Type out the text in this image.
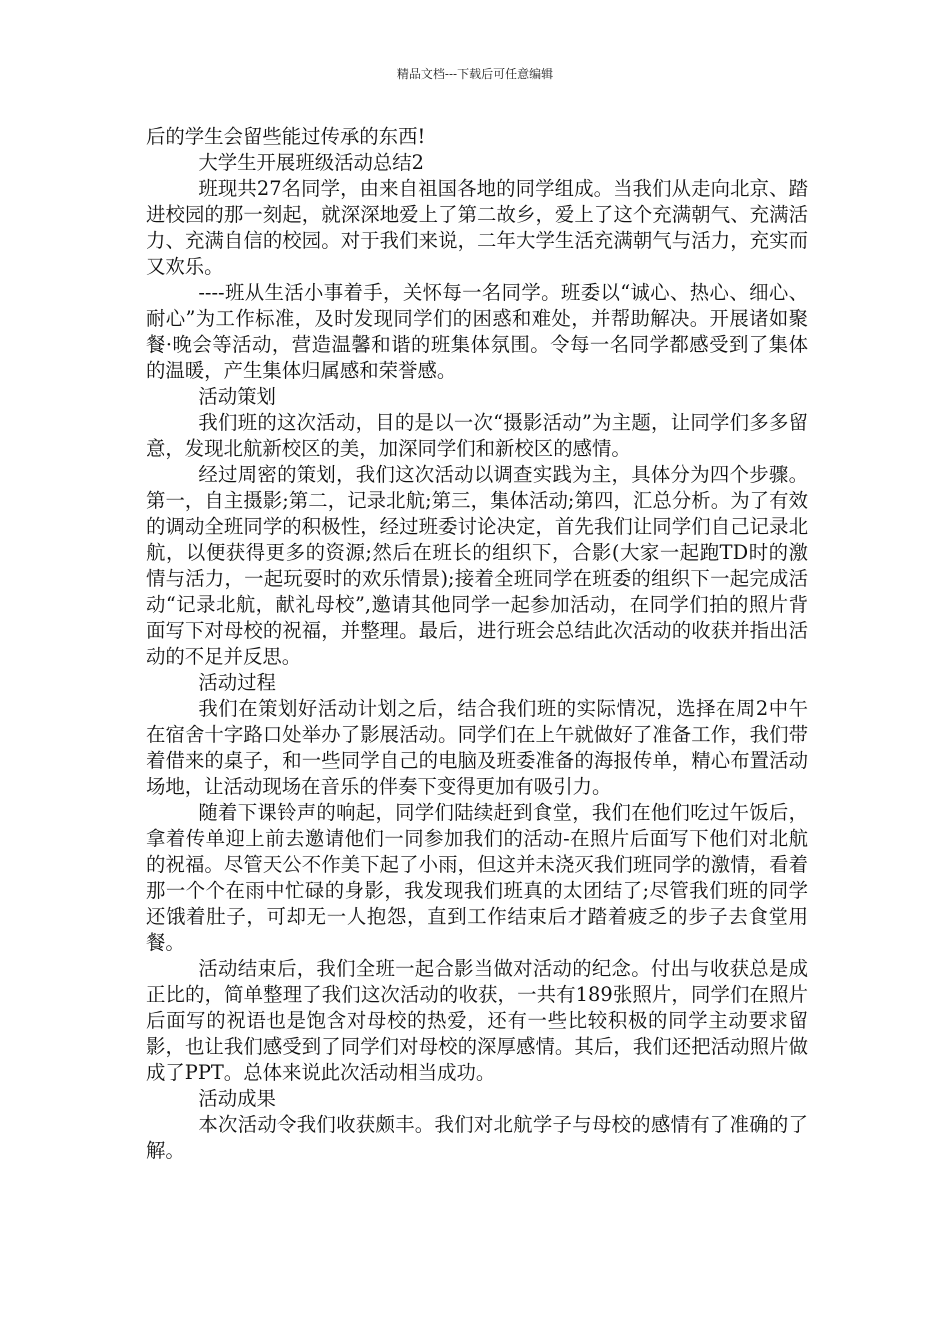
精品文档---下载后可任意编辑

后的学生会留些能过传承的东西!

大学生开展班级活动总结2

班现共27名同学，由来自祖国各地的同学组成。当我们从走向北京、踏进校园的那一刻起，就深深地爱上了第二故乡，爱上了这个充满朝气、充满活力、充满自信的校园。对于我们来说，二年大学生活充满朝气与活力，充实而又欢乐。

----班从生活小事着手，关怀每一名同学。班委以“诚心、热心、细心、耐心”为工作标准，及时发现同学们的困惑和难处，并帮助解决。开展诸如聚餐·晚会等活动，营造温馨和谐的班集体氛围。令每一名同学都感受到了集体的温暖，产生集体归属感和荣誉感。

活动策划

我们班的这次活动，目的是以一次“摄影活动”为主题，让同学们多多留意，发现北航新校区的美，加深同学们和新校区的感情。

经过周密的策划，我们这次活动以调查实践为主，具体分为四个步骤。第一，自主摄影;第二，记录北航;第三，集体活动;第四，汇总分析。为了有效的调动全班同学的积极性，经过班委讨论决定，首先我们让同学们自己记录北航，以便获得更多的资源;然后在班长的组织下，合影(大家一起跑TD时的激情与活力，一起玩耍时的欢乐情景);接着全班同学在班委的组织下一起完成活动“记录北航，献礼母校”,邀请其他同学一起参加活动，在同学们拍的照片背面写下对母校的祝福，并整理。最后，进行班会总结此次活动的收获并指出活动的不足并反思。

活动过程

我们在策划好活动计划之后，结合我们班的实际情况，选择在周2中午在宿舍十字路口处举办了影展活动。同学们在上午就做好了准备工作，我们带着借来的桌子，和一些同学自己的电脑及班委准备的海报传单，精心布置活动场地，让活动现场在音乐的伴奏下变得更加有吸引力。

随着下课铃声的响起，同学们陆续赶到食堂，我们在他们吃过午饭后，拿着传单迎上前去邀请他们一同参加我们的活动-在照片后面写下他们对北航的祝福。尽管天公不作美下起了小雨，但这并未浇灭我们班同学的激情，看着那一个个在雨中忙碌的身影，我发现我们班真的太团结了;尽管我们班的同学还饿着肚子，可却无一人抱怨，直到工作结束后才踏着疲乏的步子去食堂用餐。

活动结束后，我们全班一起合影当做对活动的纪念。付出与收获总是成正比的，简单整理了我们这次活动的收获，一共有189张照片，同学们在照片后面写的祝语也是饱含对母校的热爱，还有一些比较积极的同学主动要求留影，也让我们感受到了同学们对母校的深厚感情。其后，我们还把活动照片做成了PPT。总体来说此次活动相当成功。

活动成果

本次活动令我们收获颇丰。我们对北航学子与母校的感情有了准确的了解。
